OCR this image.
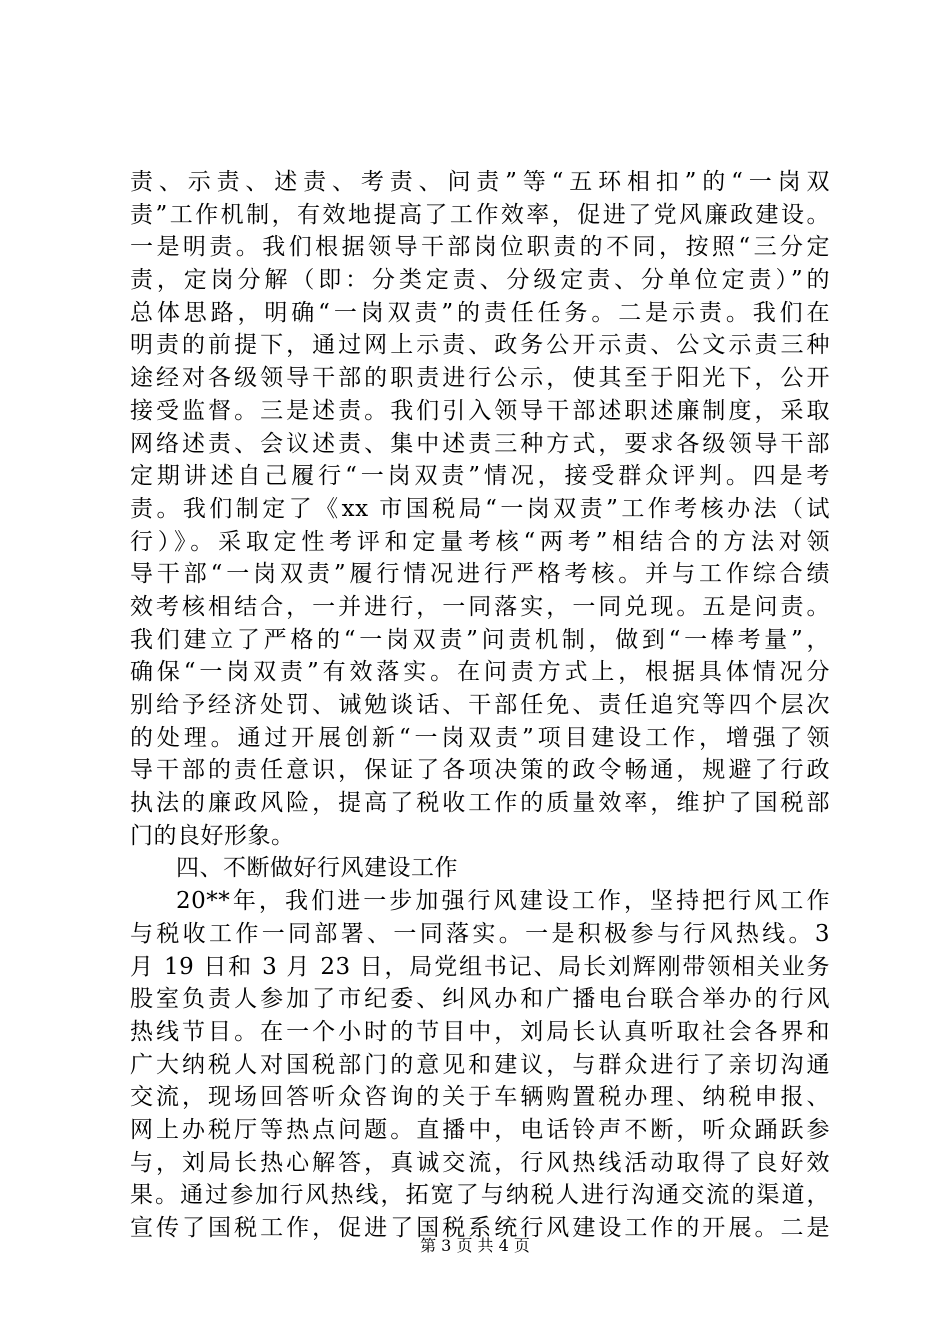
责、示责、述责、考责、问责”等“五环相扣”的“一岗双
责”工作机制，有效地提高了工作效率，促进了党风廉政建设。
一是明责。我们根据领导干部岗位职责的不同，按照“三分定
责，定岗分解（即：分类定责、分级定责、分单位定责）”的
总体思路，明确“一岗双责”的责任任务。二是示责。我们在
明责的前提下，通过网上示责、政务公开示责、公文示责三种
途经对各级领导干部的职责进行公示，使其至于阳光下，公开
接受监督。三是述责。我们引入领导干部述职述廉制度，采取
网络述责、会议述责、集中述责三种方式，要求各级领导干部
定期讲述自己履行“一岗双责”情况，接受群众评判。四是考
责。我们制定了《xx 市国税局“一岗双责”工作考核办法（试
行）》。采取定性考评和定量考核“两考”相结合的方法对领
导干部“一岗双责”履行情况进行严格考核。并与工作综合绩
效考核相结合，一并进行，一同落实，一同兑现。五是问责。
我们建立了严格的“一岗双责”问责机制，做到“一棒考量”，
确保“一岗双责”有效落实。在问责方式上，根据具体情况分
别给予经济处罚、诫勉谈话、干部任免、责任追究等四个层次
的处理。通过开展创新“一岗双责”项目建设工作，增强了领
导干部的责任意识，保证了各项决策的政令畅通，规避了行政
执法的廉政风险，提高了税收工作的质量效率，维护了国税部
门的良好形象。
四、不断做好行风建设工作
20**年，我们进一步加强行风建设工作，坚持把行风工作
与税收工作一同部署、一同落实。一是积极参与行风热线。3
月 19 日和 3 月 23 日，局党组书记、局长刘辉刚带领相关业务
股室负责人参加了市纪委、纠风办和广播电台联合举办的行风
热线节目。在一个小时的节目中，刘局长认真听取社会各界和
广大纳税人对国税部门的意见和建议，与群众进行了亲切沟通
交流，现场回答听众咨询的关于车辆购置税办理、纳税申报、
网上办税厅等热点问题。直播中，电话铃声不断，听众踊跃参
与，刘局长热心解答，真诚交流，行风热线活动取得了良好效
果。通过参加行风热线，拓宽了与纳税人进行沟通交流的渠道，
宣传了国税工作，促进了国税系统行风建设工作的开展。二是
第 3 页 共 4 页
